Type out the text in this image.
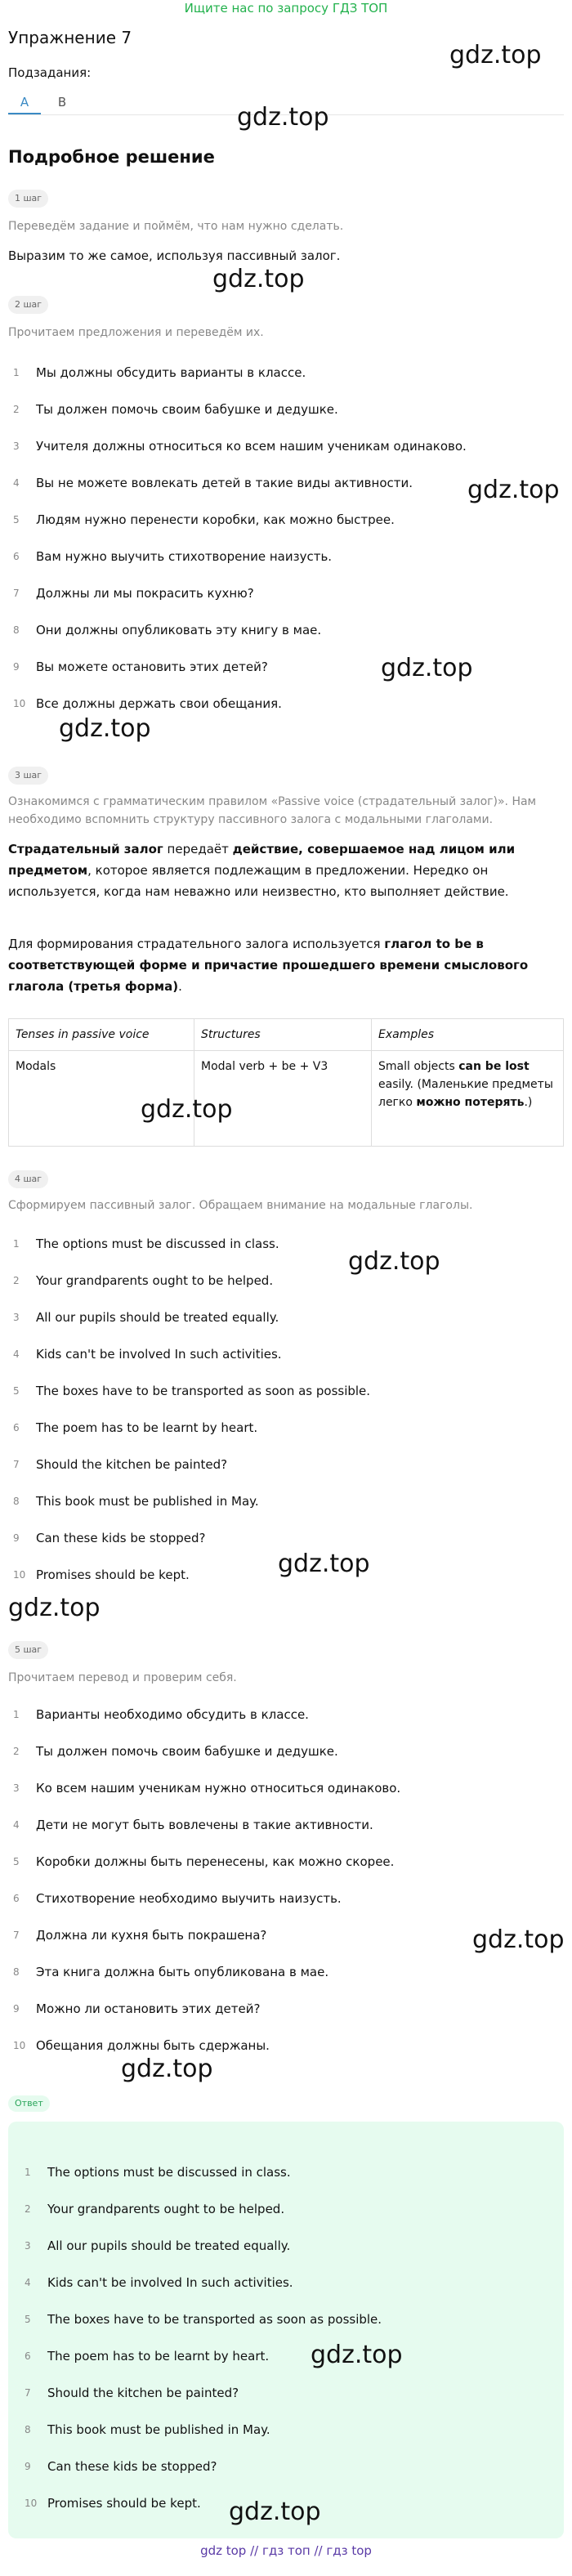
Ищите нас по запросу ГДЗ ТОП
Упражнение 7
Подзадания:
A	B
Подробное решение
1 шаг
Переведём задание и поймём, что нам нужно сделать.
Выразим то же самое, используя пассивный залог.
2 шаг
Прочитаем предложения и переведём их.
1	Мы должны обсудить варианты в классе.
2	Ты должен помочь своим бабушке и дедушке.
3	Учителя должны относиться ко всем нашим ученикам одинаково.
4	Вы не можете вовлекать детей в такие виды активности.
5	Людям нужно перенести коробки, как можно быстрее.
6	Вам нужно выучить стихотворение наизусть.
7	Должны ли мы покрасить кухню?
8	Они должны опубликовать эту книгу в мае.
9	Вы можете остановить этих детей?
10 Все должны держать свои обещания.
3 шаг
Ознакомимся с грамматическим правилом «Passive voice (страдательный залог)». Нам необходимо вспомнить структуру пассивного залога с модальными глаголами.
Страдательный залог передаёт действие, совершаемое над лицом или предметом, которое является подлежащим в предложении. Нередко он используется, когда нам неважно или неизвестно, кто выполняет действие.
Для формирования страдательного залога используется глагол to be в соответствующей форме и причастие прошедшего времени смыслового глагола (третья форма).
Tenses in passive voice	Structures	Examples
Modals	Modal verb + be + V3	Small objects can be lost easily. (Маленькие предметы легко можно потерять.)
4 шаг
Сформируем пассивный залог. Обращаем внимание на модальные глаголы.
1	The options must be discussed in class.
2	Your grandparents ought to be helped.
3	All our pupils should be treated equally.
4	Kids can't be involved In such activities.
5	The boxes have to be transported as soon as possible.
6	The poem has to be learnt by heart.
7	Should the kitchen be painted?
8	This book must be published in May.
9	Can these kids be stopped?
10 Promises should be kept.
5 шаг
Прочитаем перевод и проверим себя.
1	Варианты необходимо обсудить в классе.
2	Ты должен помочь своим бабушке и дедушке.
3	Ко всем нашим ученикам нужно относиться одинаково.
4	Дети не могут быть вовлечены в такие активности.
5	Коробки должны быть перенесены, как можно скорее.
6	Стихотворение необходимо выучить наизусть.
7	Должна ли кухня быть покрашена?
8	Эта книга должна быть опубликована в мае.
9	Можно ли остановить этих детей?
10 Обещания должны быть сдержаны.
Ответ
1	The options must be discussed in class.
2	Your grandparents ought to be helped.
3	All our pupils should be treated equally.
4	Kids can't be involved In such activities.
5	The boxes have to be transported as soon as possible.
6	The poem has to be learnt by heart.
7	Should the kitchen be painted?
8	This book must be published in May.
9	Can these kids be stopped?
10 Promises should be kept.
gdz.top
gdz.top
gdz.top
gdz.top
gdz.top
gdz.top
gdz.top
gdz.top
gdz.top
gdz.top
gdz.top
gdz.top
gdz.top
gdz.top
gdz top // гдз топ // гдз top
